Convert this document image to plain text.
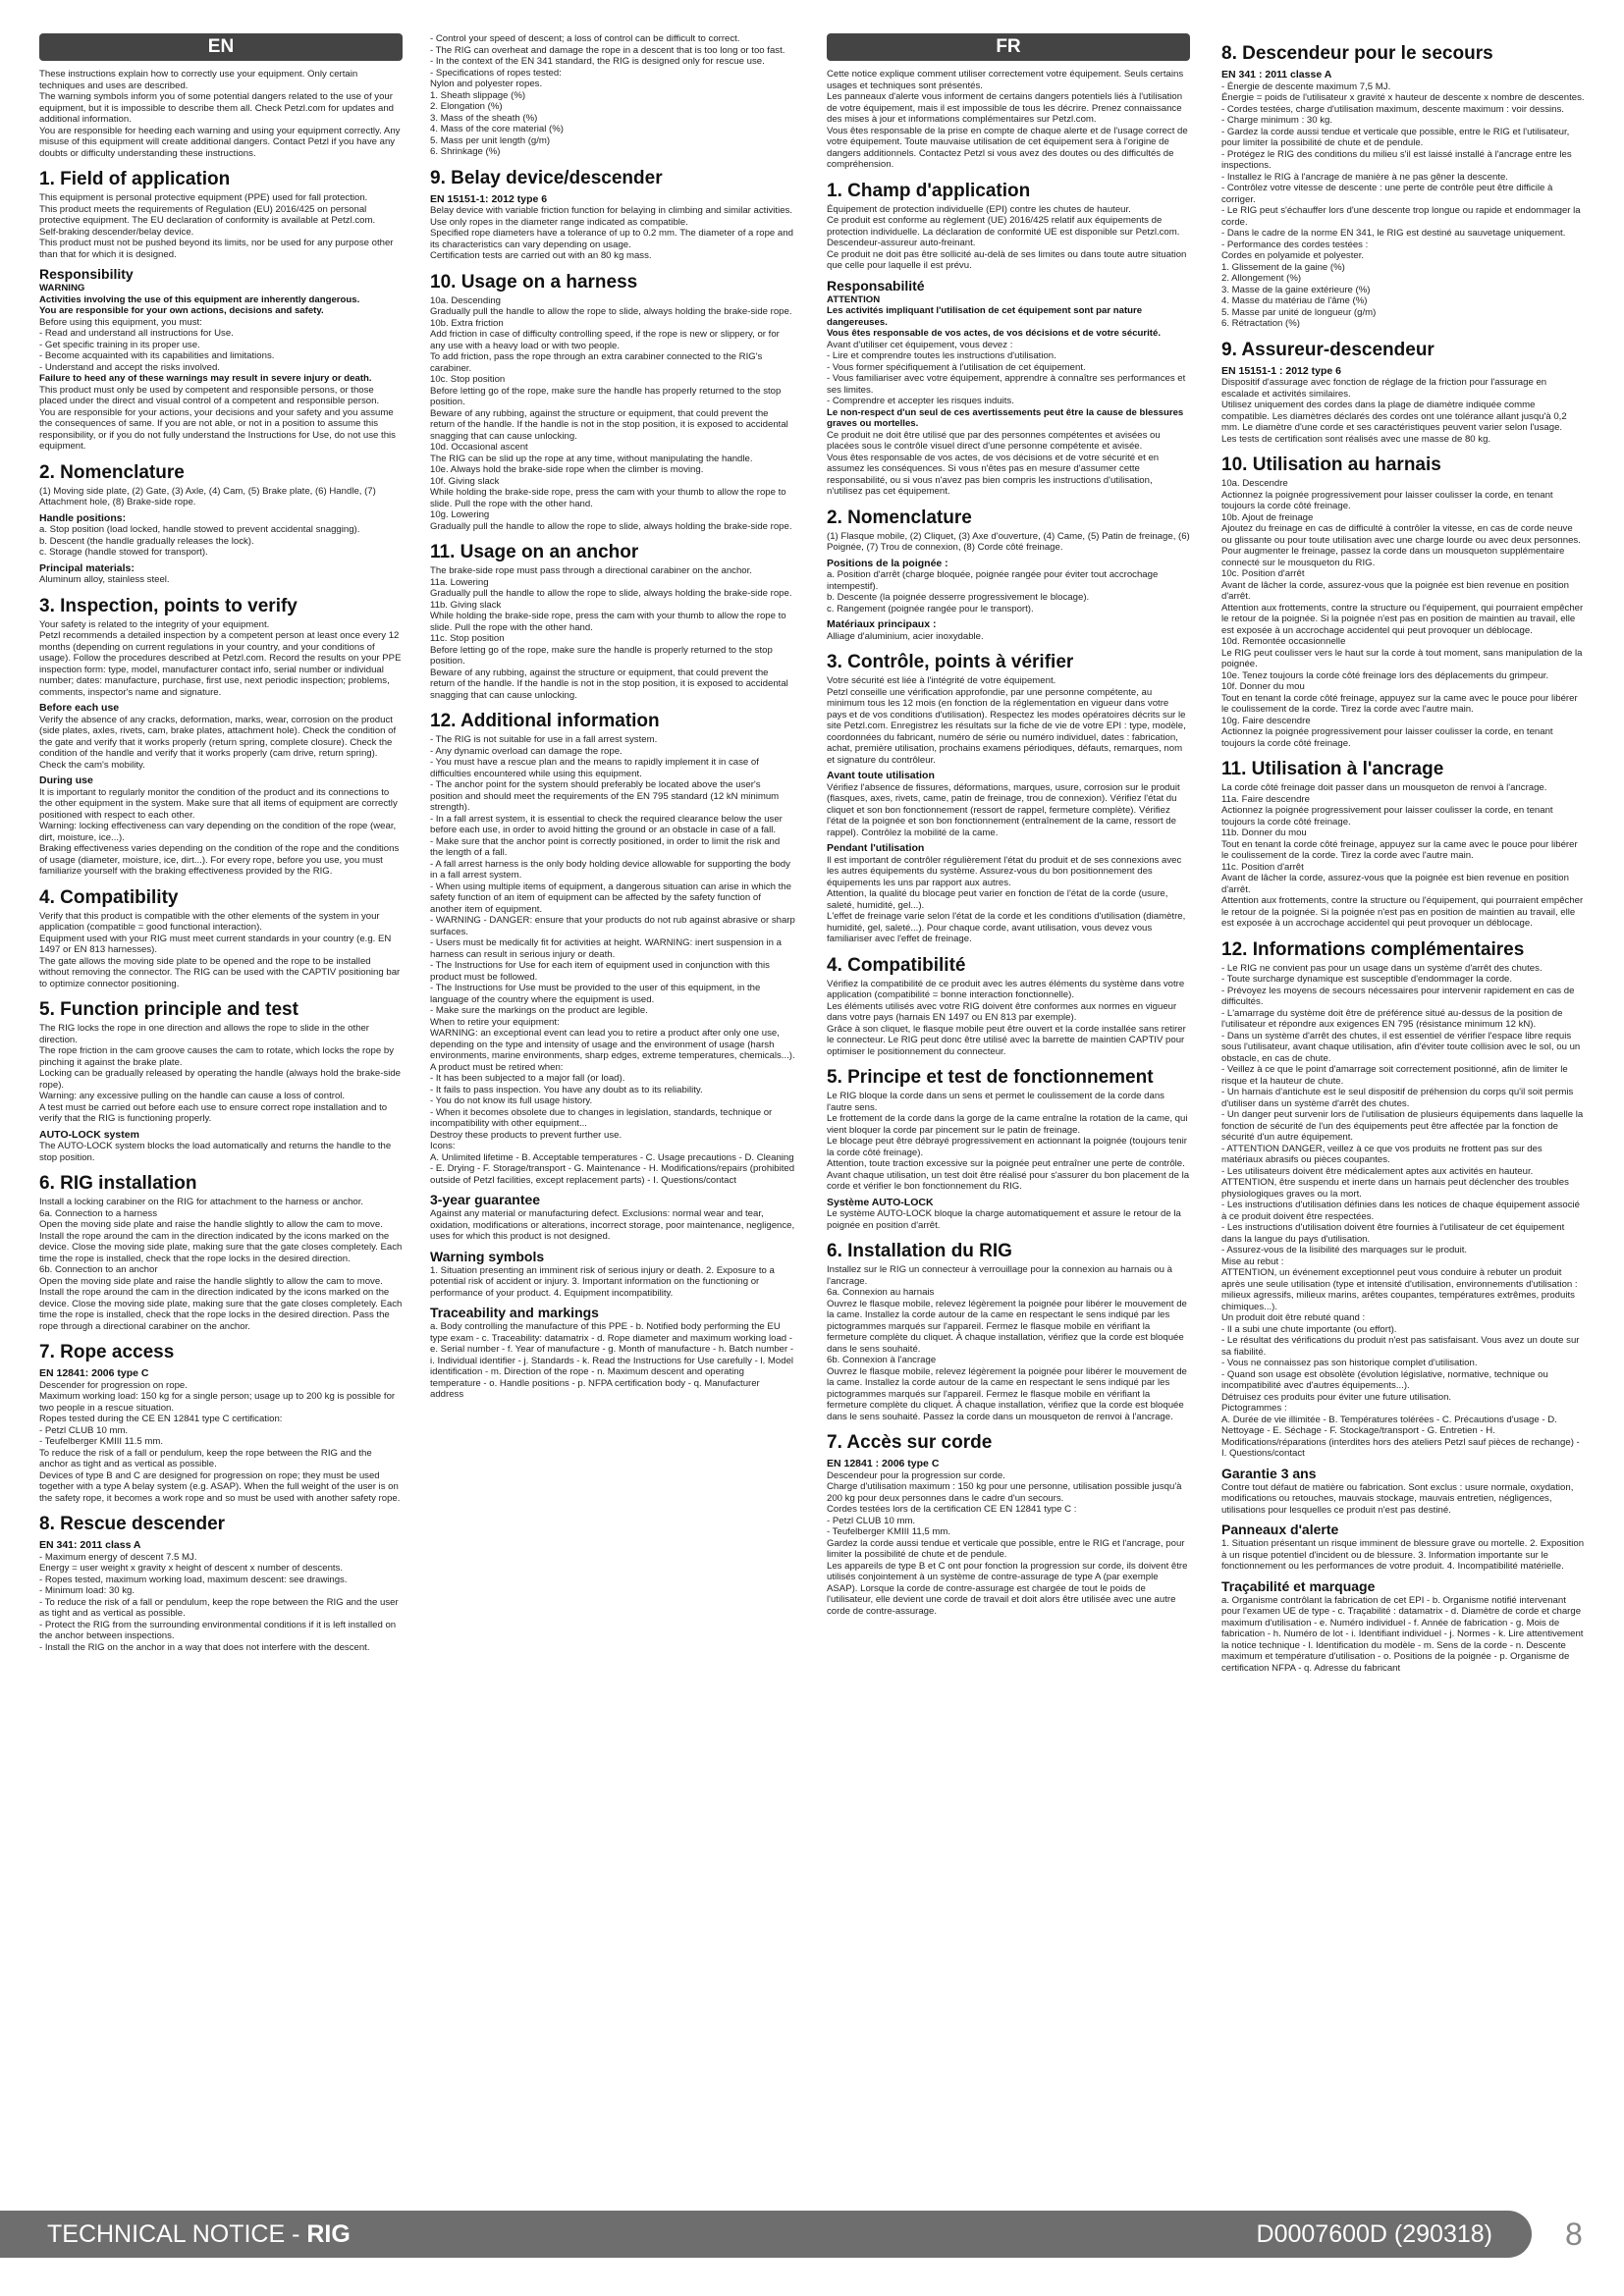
EN

These instructions explain how to correctly use your equipment. Only certain techniques and uses are described.
The warning symbols inform you of some potential dangers related to the use of your equipment, but it is impossible to describe them all. Check Petzl.com for updates and additional information.
You are responsible for heeding each warning and using your equipment correctly. Any misuse of this equipment will create additional dangers. Contact Petzl if you have any doubts or difficulty understanding these instructions.

1. Field of application

This equipment is personal protective equipment (PPE) used for fall protection.
This product meets the requirements of Regulation (EU) 2016/425 on personal protective equipment. The EU declaration of conformity is available at Petzl.com.
Self-braking descender/belay device.
This product must not be pushed beyond its limits, nor be used for any purpose other than that for which it is designed.

Responsibility

WARNING
Activities involving the use of this equipment are inherently dangerous.
You are responsible for your own actions, decisions and safety.

Before using this equipment, you must:
- Read and understand all instructions for Use.
- Get specific training in its proper use.
- Become acquainted with its capabilities and limitations.
- Understand and accept the risks involved.

Failure to heed any of these warnings may result in severe injury or death.

This product must only be used by competent and responsible persons, or those placed under the direct and visual control of a competent and responsible person.
You are responsible for your actions, your decisions and your safety and you assume the consequences of same. If you are not able, or not in a position to assume this responsibility, or if you do not fully understand the Instructions for Use, do not use this equipment.

2. Nomenclature

(1) Moving side plate, (2) Gate, (3) Axle, (4) Cam, (5) Brake plate, (6) Handle, (7) Attachment hole, (8) Brake-side rope.

Handle positions:

a. Stop position (load locked, handle stowed to prevent accidental snagging).
b. Descent (the handle gradually releases the lock).
c. Storage (handle stowed for transport).

Principal materials:

Aluminum alloy, stainless steel.

3. Inspection, points to verify

Your safety is related to the integrity of your equipment.
Petzl recommends a detailed inspection by a competent person at least once every 12 months (depending on current regulations in your country, and your conditions of usage). Follow the procedures described at Petzl.com. Record the results on your PPE inspection form: type, model, manufacturer contact info, serial number or individual number; dates: manufacture, purchase, first use, next periodic inspection; problems, comments, inspector's name and signature.

Before each use

Verify the absence of any cracks, deformation, marks, wear, corrosion on the product (side plates, axles, rivets, cam, brake plates, attachment hole). Check the condition of the gate and verify that it works properly (return spring, complete closure). Check the condition of the handle and verify that it works properly (cam drive, return spring). Check the cam's mobility.

During use

It is important to regularly monitor the condition of the product and its connections to the other equipment in the system. Make sure that all items of equipment are correctly positioned with respect to each other.
Warning: locking effectiveness can vary depending on the condition of the rope (wear, dirt, moisture, ice...).
Braking effectiveness varies depending on the condition of the rope and the conditions of usage (diameter, moisture, ice, dirt...). For every rope, before you use, you must familiarize yourself with the braking effectiveness provided by the RIG.

4. Compatibility

Verify that this product is compatible with the other elements of the system in your application (compatible = good functional interaction).
Equipment used with your RIG must meet current standards in your country (e.g. EN 1497 or EN 813 harnesses).
The gate allows the moving side plate to be opened and the rope to be installed without removing the connector. The RIG can be used with the CAPTIV positioning bar to optimize connector positioning.

5. Function principle and test

The RIG locks the rope in one direction and allows the rope to slide in the other direction.
The rope friction in the cam groove causes the cam to rotate, which locks the rope by pinching it against the brake plate.
Locking can be gradually released by operating the handle (always hold the brake-side rope).
Warning: any excessive pulling on the handle can cause a loss of control.
A test must be carried out before each use to ensure correct rope installation and to verify that the RIG is functioning properly.

AUTO-LOCK system

The AUTO-LOCK system blocks the load automatically and returns the handle to the stop position.

6. RIG installation

Install a locking carabiner on the RIG for attachment to the harness or anchor.
6a. Connection to a harness
Open the moving side plate and raise the handle slightly to allow the cam to move. Install the rope around the cam in the direction indicated by the icons marked on the device. Close the moving side plate, making sure that the gate closes completely. Each time the rope is installed, check that the rope locks in the desired direction.
6b. Connection to an anchor
Open the moving side plate and raise the handle slightly to allow the cam to move. Install the rope around the cam in the direction indicated by the icons marked on the device. Close the moving side plate, making sure that the gate closes completely. Each time the rope is installed, check that the rope locks in the desired direction. Pass the rope through a directional carabiner on the anchor.

7. Rope access
EN 12841: 2006 type C

Descender for progression on rope.
Maximum working load: 150 kg for a single person; usage up to 200 kg is possible for two people in a rescue situation.
Ropes tested during the CE EN 12841 type C certification:
- Petzl CLUB 10 mm.
- Teufelberger KMIII 11.5 mm.
To reduce the risk of a fall or pendulum, keep the rope between the RIG and the anchor as tight and as vertical as possible.
Devices of type B and C are designed for progression on rope; they must be used together with a type A belay system (e.g. ASAP). When the full weight of the user is on the safety rope, it becomes a work rope and so must be used with another safety rope.

8. Rescue descender
EN 341: 2011 class A

- Maximum energy of descent 7.5 MJ.
Energy = user weight x gravity x height of descent x number of descents.
- Ropes tested, maximum working load, maximum descent: see drawings.
- Minimum load: 30 kg.
- To reduce the risk of a fall or pendulum, keep the rope between the RIG and the user as tight and as vertical as possible.
- Protect the RIG from the surrounding environmental conditions if it is left installed on the anchor between inspections.
- Install the RIG on the anchor in a way that does not interfere with the descent.

- Control your speed of descent; a loss of control can be difficult to correct.
- The RIG can overheat and damage the rope in a descent that is too long or too fast.
- In the context of the EN 341 standard, the RIG is designed only for rescue use.
- Specifications of ropes tested:
Nylon and polyester ropes.
1. Sheath slippage (%)
2. Elongation (%)
3. Mass of the sheath (%)
4. Mass of the core material (%)
5. Mass per unit length (g/m)
6. Shrinkage (%)

9. Belay device/descender
EN 15151-1: 2012 type 6

Belay device with variable friction function for belaying in climbing and similar activities.
Use only ropes in the diameter range indicated as compatible.
Specified rope diameters have a tolerance of up to 0.2 mm. The diameter of a rope and its characteristics can vary depending on usage.
Certification tests are carried out with an 80 kg mass.

10. Usage on a harness

10a. Descending
Gradually pull the handle to allow the rope to slide, always holding the brake-side rope.
10b. Extra friction
Add friction in case of difficulty controlling speed, if the rope is new or slippery, or for any use with a heavy load or with two people.
To add friction, pass the rope through an extra carabiner connected to the RIG's carabiner.
10c. Stop position
Before letting go of the rope, make sure the handle has properly returned to the stop position.
Beware of any rubbing, against the structure or equipment, that could prevent the return of the handle. If the handle is not in the stop position, it is exposed to accidental snagging that can cause unlocking.
10d. Occasional ascent
The RIG can be slid up the rope at any time, without manipulating the handle.
10e. Always hold the brake-side rope when the climber is moving.
10f. Giving slack
While holding the brake-side rope, press the cam with your thumb to allow the rope to slide. Pull the rope with the other hand.
10g. Lowering
Gradually pull the handle to allow the rope to slide, always holding the brake-side rope.

11. Usage on an anchor

The brake-side rope must pass through a directional carabiner on the anchor.
11a. Lowering
Gradually pull the handle to allow the rope to slide, always holding the brake-side rope.
11b. Giving slack
While holding the brake-side rope, press the cam with your thumb to allow the rope to slide. Pull the rope with the other hand.
11c. Stop position
Before letting go of the rope, make sure the handle is properly returned to the stop position.
Beware of any rubbing, against the structure or equipment, that could prevent the return of the handle. If the handle is not in the stop position, it is exposed to accidental snagging that can cause unlocking.

12. Additional information

- The RIG is not suitable for use in a fall arrest system.
- Any dynamic overload can damage the rope.
- You must have a rescue plan and the means to rapidly implement it in case of difficulties encountered while using this equipment.
- The anchor point for the system should preferably be located above the user's position and should meet the requirements of the EN 795 standard (12 kN minimum strength).
- In a fall arrest system, it is essential to check the required clearance below the user before each use, in order to avoid hitting the ground or an obstacle in case of a fall.
- Make sure that the anchor point is correctly positioned, in order to limit the risk and the length of a fall.
- A fall arrest harness is the only body holding device allowable for supporting the body in a fall arrest system.
- When using multiple items of equipment, a dangerous situation can arise in which the safety function of an item of equipment can be affected by the safety function of another item of equipment.
- WARNING - DANGER: ensure that your products do not rub against abrasive or sharp surfaces.
- Users must be medically fit for activities at height. WARNING: inert suspension in a harness can result in serious injury or death.
- The Instructions for Use for each item of equipment used in conjunction with this product must be followed.
- The Instructions for Use must be provided to the user of this equipment, in the language of the country where the equipment is used.
- Make sure the markings on the product are legible.
When to retire your equipment:
WARNING: an exceptional event can lead you to retire a product after only one use, depending on the type and intensity of usage and the environment of usage (harsh environments, marine environments, sharp edges, extreme temperatures, chemicals...).
A product must be retired when:
- It has been subjected to a major fall (or load).
- It fails to pass inspection. You have any doubt as to its reliability.
- You do not know its full usage history.
- When it becomes obsolete due to changes in legislation, standards, technique or incompatibility with other equipment...
Destroy these products to prevent further use.
Icons:
A. Unlimited lifetime - B. Acceptable temperatures - C. Usage precautions - D. Cleaning - E. Drying - F. Storage/transport - G. Maintenance - H. Modifications/repairs (prohibited outside of Petzl facilities, except replacement parts) - I. Questions/contact

3-year guarantee

Against any material or manufacturing defect. Exclusions: normal wear and tear, oxidation, modifications or alterations, incorrect storage, poor maintenance, negligence, uses for which this product is not designed.

Warning symbols

1. Situation presenting an imminent risk of serious injury or death. 2. Exposure to a potential risk of accident or injury. 3. Important information on the functioning or performance of your product. 4. Equipment incompatibility.

Traceability and markings

a. Body controlling the manufacture of this PPE - b. Notified body performing the EU type exam - c. Traceability: datamatrix - d. Rope diameter and maximum working load - e. Serial number - f. Year of manufacture - g. Month of manufacture - h. Batch number - i. Individual identifier - j. Standards - k. Read the Instructions for Use carefully - l. Model identification - m. Direction of the rope - n. Maximum descent and operating temperature - o. Handle positions - p. NFPA certification body - q. Manufacturer address

FR

Cette notice explique comment utiliser correctement votre équipement. Seuls certains usages et techniques sont présentés.
Les panneaux d'alerte vous informent de certains dangers potentiels liés à l'utilisation de votre équipement, mais il est impossible de tous les décrire. Prenez connaissance des mises à jour et informations complémentaires sur Petzl.com.
Vous êtes responsable de la prise en compte de chaque alerte et de l'usage correct de votre équipement. Toute mauvaise utilisation de cet équipement sera à l'origine de dangers additionnels. Contactez Petzl si vous avez des doutes ou des difficultés de compréhension.

1. Champ d'application

Équipement de protection individuelle (EPI) contre les chutes de hauteur.
Ce produit est conforme au règlement (UE) 2016/425 relatif aux équipements de protection individuelle. La déclaration de conformité UE est disponible sur Petzl.com.
Descendeur-assureur auto-freinant.
Ce produit ne doit pas être sollicité au-delà de ses limites ou dans toute autre situation que celle pour laquelle il est prévu.

Responsabilité

ATTENTION
Les activités impliquant l'utilisation de cet équipement sont par nature dangereuses.
Vous êtes responsable de vos actes, de vos décisions et de votre sécurité.

Avant d'utiliser cet équipement, vous devez :
- Lire et comprendre toutes les instructions d'utilisation.
- Vous former spécifiquement à l'utilisation de cet équipement.
- Vous familiariser avec votre équipement, apprendre à connaître ses performances et ses limites.
- Comprendre et accepter les risques induits.

Le non-respect d'un seul de ces avertissements peut être la cause de blessures graves ou mortelles.

Ce produit ne doit être utilisé que par des personnes compétentes et avisées ou placées sous le contrôle visuel direct d'une personne compétente et avisée.
Vous êtes responsable de vos actes, de vos décisions et de votre sécurité et en assumez les conséquences. Si vous n'êtes pas en mesure d'assumer cette responsabilité, ou si vous n'avez pas bien compris les instructions d'utilisation, n'utilisez pas cet équipement.

2. Nomenclature

(1) Flasque mobile, (2) Cliquet, (3) Axe d'ouverture, (4) Came, (5) Patin de freinage, (6) Poignée, (7) Trou de connexion, (8) Corde côté freinage.

Positions de la poignée :

a. Position d'arrêt (charge bloquée, poignée rangée pour éviter tout accrochage intempestif).
b. Descente (la poignée desserre progressivement le blocage).
c. Rangement (poignée rangée pour le transport).

Matériaux principaux :

Alliage d'aluminium, acier inoxydable.

3. Contrôle, points à vérifier

Votre sécurité est liée à l'intégrité de votre équipement.
Petzl conseille une vérification approfondie, par une personne compétente, au minimum tous les 12 mois (en fonction de la réglementation en vigueur dans votre pays et de vos conditions d'utilisation). Respectez les modes opératoires décrits sur le site Petzl.com. Enregistrez les résultats sur la fiche de vie de votre EPI : type, modèle, coordonnées du fabricant, numéro de série ou numéro individuel, dates : fabrication, achat, première utilisation, prochains examens périodiques, défauts, remarques, nom et signature du contrôleur.

Avant toute utilisation

Vérifiez l'absence de fissures, déformations, marques, usure, corrosion sur le produit (flasques, axes, rivets, came, patin de freinage, trou de connexion). Vérifiez l'état du cliquet et son bon fonctionnement (ressort de rappel, fermeture complète). Vérifiez l'état de la poignée et son bon fonctionnement (entraînement de la came, ressort de rappel). Contrôlez la mobilité de la came.

Pendant l'utilisation

Il est important de contrôler régulièrement l'état du produit et de ses connexions avec les autres équipements du système. Assurez-vous du bon positionnement des équipements les uns par rapport aux autres.
Attention, la qualité du blocage peut varier en fonction de l'état de la corde (usure, saleté, humidité, gel...).
L'effet de freinage varie selon l'état de la corde et les conditions d'utilisation (diamètre, humidité, gel, saleté...). Pour chaque corde, avant utilisation, vous devez vous familiariser avec l'effet de freinage.

4. Compatibilité

Vérifiez la compatibilité de ce produit avec les autres éléments du système dans votre application (compatibilité = bonne interaction fonctionnelle).
Les éléments utilisés avec votre RIG doivent être conformes aux normes en vigueur dans votre pays (harnais EN 1497 ou EN 813 par exemple).
Grâce à son cliquet, le flasque mobile peut être ouvert et la corde installée sans retirer le connecteur. Le RIG peut donc être utilisé avec la barrette de maintien CAPTIV pour optimiser le positionnement du connecteur.

5. Principe et test de fonctionnement

Le RIG bloque la corde dans un sens et permet le coulissement de la corde dans l'autre sens.
Le frottement de la corde dans la gorge de la came entraîne la rotation de la came, qui vient bloquer la corde par pincement sur le patin de freinage.
Le blocage peut être débrayé progressivement en actionnant la poignée (toujours tenir la corde côté freinage).
Attention, toute traction excessive sur la poignée peut entraîner une perte de contrôle.
Avant chaque utilisation, un test doit être réalisé pour s'assurer du bon placement de la corde et vérifier le bon fonctionnement du RIG.

Système AUTO-LOCK

Le système AUTO-LOCK bloque la charge automatiquement et assure le retour de la poignée en position d'arrêt.

6. Installation du RIG

Installez sur le RIG un connecteur à verrouillage pour la connexion au harnais ou à l'ancrage.
6a. Connexion au harnais
Ouvrez le flasque mobile, relevez légèrement la poignée pour libérer le mouvement de la came. Installez la corde autour de la came en respectant le sens indiqué par les pictogrammes marqués sur l'appareil. Fermez le flasque mobile en vérifiant la fermeture complète du cliquet. À chaque installation, vérifiez que la corde est bloquée dans le sens souhaité.
6b. Connexion à l'ancrage
Ouvrez le flasque mobile, relevez légèrement la poignée pour libérer le mouvement de la came. Installez la corde autour de la came en respectant le sens indiqué par les pictogrammes marqués sur l'appareil. Fermez le flasque mobile en vérifiant la fermeture complète du cliquet. À chaque installation, vérifiez que la corde est bloquée dans le sens souhaité. Passez la corde dans un mousqueton de renvoi à l'ancrage.

7. Accès sur corde
EN 12841 : 2006 type C

Descendeur pour la progression sur corde.
Charge d'utilisation maximum : 150 kg pour une personne, utilisation possible jusqu'à 200 kg pour deux personnes dans le cadre d'un secours.
Cordes testées lors de la certification CE EN 12841 type C :
- Petzl CLUB 10 mm.
- Teufelberger KMIII 11,5 mm.
Gardez la corde aussi tendue et verticale que possible, entre le RIG et l'ancrage, pour limiter la possibilité de chute et de pendule.
Les appareils de type B et C ont pour fonction la progression sur corde, ils doivent être utilisés conjointement à un système de contre-assurage de type A (par exemple ASAP). Lorsque la corde de contre-assurage est chargée de tout le poids de l'utilisateur, elle devient une corde de travail et doit alors être utilisée avec une autre corde de contre-assurage.

8. Descendeur pour le secours
EN 341 : 2011 classe A

- Énergie de descente maximum 7,5 MJ.
Énergie = poids de l'utilisateur x gravité x hauteur de descente x nombre de descentes.
- Cordes testées, charge d'utilisation maximum, descente maximum : voir dessins.
- Charge minimum : 30 kg.
- Gardez la corde aussi tendue et verticale que possible, entre le RIG et l'utilisateur, pour limiter la possibilité de chute et de pendule.
- Protégez le RIG des conditions du milieu s'il est laissé installé à l'ancrage entre les inspections.
- Installez le RIG à l'ancrage de manière à ne pas gêner la descente.
- Contrôlez votre vitesse de descente : une perte de contrôle peut être difficile à corriger.
- Le RIG peut s'échauffer lors d'une descente trop longue ou rapide et endommager la corde.
- Dans le cadre de la norme EN 341, le RIG est destiné au sauvetage uniquement.
- Performance des cordes testées :
Cordes en polyamide et polyester.
1. Glissement de la gaine (%)
2. Allongement (%)
3. Masse de la gaine extérieure (%)
4. Masse du matériau de l'âme (%)
5. Masse par unité de longueur (g/m)
6. Rétractation (%)

9. Assureur-descendeur
EN 15151-1 : 2012 type 6

Dispositif d'assurage avec fonction de réglage de la friction pour l'assurage en escalade et activités similaires.
Utilisez uniquement des cordes dans la plage de diamètre indiquée comme compatible. Les diamètres déclarés des cordes ont une tolérance allant jusqu'à 0,2 mm. Le diamètre d'une corde et ses caractéristiques peuvent varier selon l'usage.
Les tests de certification sont réalisés avec une masse de 80 kg.

10. Utilisation au harnais

10a. Descendre
Actionnez la poignée progressivement pour laisser coulisser la corde, en tenant toujours la corde côté freinage.
10b. Ajout de freinage
Ajoutez du freinage en cas de difficulté à contrôler la vitesse, en cas de corde neuve ou glissante ou pour toute utilisation avec une charge lourde ou avec deux personnes.
Pour augmenter le freinage, passez la corde dans un mousqueton supplémentaire connecté sur le mousqueton du RIG.
10c. Position d'arrêt
Avant de lâcher la corde, assurez-vous que la poignée est bien revenue en position d'arrêt.
Attention aux frottements, contre la structure ou l'équipement, qui pourraient empêcher le retour de la poignée. Si la poignée n'est pas en position de maintien au travail, elle est exposée à un accrochage accidentel qui peut provoquer un déblocage.
10d. Remontée occasionnelle
Le RIG peut coulisser vers le haut sur la corde à tout moment, sans manipulation de la poignée.
10e. Tenez toujours la corde côté freinage lors des déplacements du grimpeur.
10f. Donner du mou
Tout en tenant la corde côté freinage, appuyez sur la came avec le pouce pour libérer le coulissement de la corde. Tirez la corde avec l'autre main.
10g. Faire descendre
Actionnez la poignée progressivement pour laisser coulisser la corde, en tenant toujours la corde côté freinage.

11. Utilisation à l'ancrage

La corde côté freinage doit passer dans un mousqueton de renvoi à l'ancrage.
11a. Faire descendre
Actionnez la poignée progressivement pour laisser coulisser la corde, en tenant toujours la corde côté freinage.
11b. Donner du mou
Tout en tenant la corde côté freinage, appuyez sur la came avec le pouce pour libérer le coulissement de la corde. Tirez la corde avec l'autre main.
11c. Position d'arrêt
Avant de lâcher la corde, assurez-vous que la poignée est bien revenue en position d'arrêt.
Attention aux frottements, contre la structure ou l'équipement, qui pourraient empêcher le retour de la poignée. Si la poignée n'est pas en position de maintien au travail, elle est exposée à un accrochage accidentel qui peut provoquer un déblocage.

12. Informations complémentaires

- Le RIG ne convient pas pour un usage dans un système d'arrêt des chutes.
- Toute surcharge dynamique est susceptible d'endommager la corde.
- Prévoyez les moyens de secours nécessaires pour intervenir rapidement en cas de difficultés.
- L'amarrage du système doit être de préférence situé au-dessus de la position de l'utilisateur et répondre aux exigences EN 795 (résistance minimum 12 kN).
- Dans un système d'arrêt des chutes, il est essentiel de vérifier l'espace libre requis sous l'utilisateur, avant chaque utilisation, afin d'éviter toute collision avec le sol, ou un obstacle, en cas de chute.
- Veillez à ce que le point d'amarrage soit correctement positionné, afin de limiter le risque et la hauteur de chute.
- Un harnais d'antichute est le seul dispositif de préhension du corps qu'il soit permis d'utiliser dans un système d'arrêt des chutes.
- Un danger peut survenir lors de l'utilisation de plusieurs équipements dans laquelle la fonction de sécurité de l'un des équipements peut être affectée par la fonction de sécurité d'un autre équipement.
- ATTENTION DANGER, veillez à ce que vos produits ne frottent pas sur des matériaux abrasifs ou pièces coupantes.
- Les utilisateurs doivent être médicalement aptes aux activités en hauteur. ATTENTION, être suspendu et inerte dans un harnais peut déclencher des troubles physiologiques graves ou la mort.
- Les instructions d'utilisation définies dans les notices de chaque équipement associé à ce produit doivent être respectées.
- Les instructions d'utilisation doivent être fournies à l'utilisateur de cet équipement dans la langue du pays d'utilisation.
- Assurez-vous de la lisibilité des marquages sur le produit.
Mise au rebut :
ATTENTION, un événement exceptionnel peut vous conduire à rebuter un produit après une seule utilisation (type et intensité d'utilisation, environnements d'utilisation : milieux agressifs, milieux marins, arêtes coupantes, températures extrêmes, produits chimiques...).
Un produit doit être rebuté quand :
- Il a subi une chute importante (ou effort).
- Le résultat des vérifications du produit n'est pas satisfaisant. Vous avez un doute sur sa fiabilité.
- Vous ne connaissez pas son historique complet d'utilisation.
- Quand son usage est obsolète (évolution législative, normative, technique ou incompatibilité avec d'autres équipements...).
Détruisez ces produits pour éviter une future utilisation.
Pictogrammes :
A. Durée de vie illimitée - B. Températures tolérées - C. Précautions d'usage - D. Nettoyage - E. Séchage - F. Stockage/transport - G. Entretien - H. Modifications/réparations (interdites hors des ateliers Petzl sauf pièces de rechange) - I. Questions/contact

Garantie 3 ans

Contre tout défaut de matière ou fabrication. Sont exclus : usure normale, oxydation, modifications ou retouches, mauvais stockage, mauvais entretien, négligences, utilisations pour lesquelles ce produit n'est pas destiné.

Panneaux d'alerte

1. Situation présentant un risque imminent de blessure grave ou mortelle. 2. Exposition à un risque potentiel d'incident ou de blessure. 3. Information importante sur le fonctionnement ou les performances de votre produit. 4. Incompatibilité matérielle.

Traçabilité et marquage

a. Organisme contrôlant la fabrication de cet EPI - b. Organisme notifié intervenant pour l'examen UE de type - c. Traçabilité : datamatrix - d. Diamètre de corde et charge maximum d'utilisation - e. Numéro individuel - f. Année de fabrication - g. Mois de fabrication - h. Numéro de lot - i. Identifiant individuel - j. Normes - k. Lire attentivement la notice technique - l. Identification du modèle - m. Sens de la corde - n. Descente maximum et température d'utilisation - o. Positions de la poignée - p. Organisme de certification NFPA - q. Adresse du fabricant

TECHNICAL NOTICE - RIG	D0007600D (290318) 8
